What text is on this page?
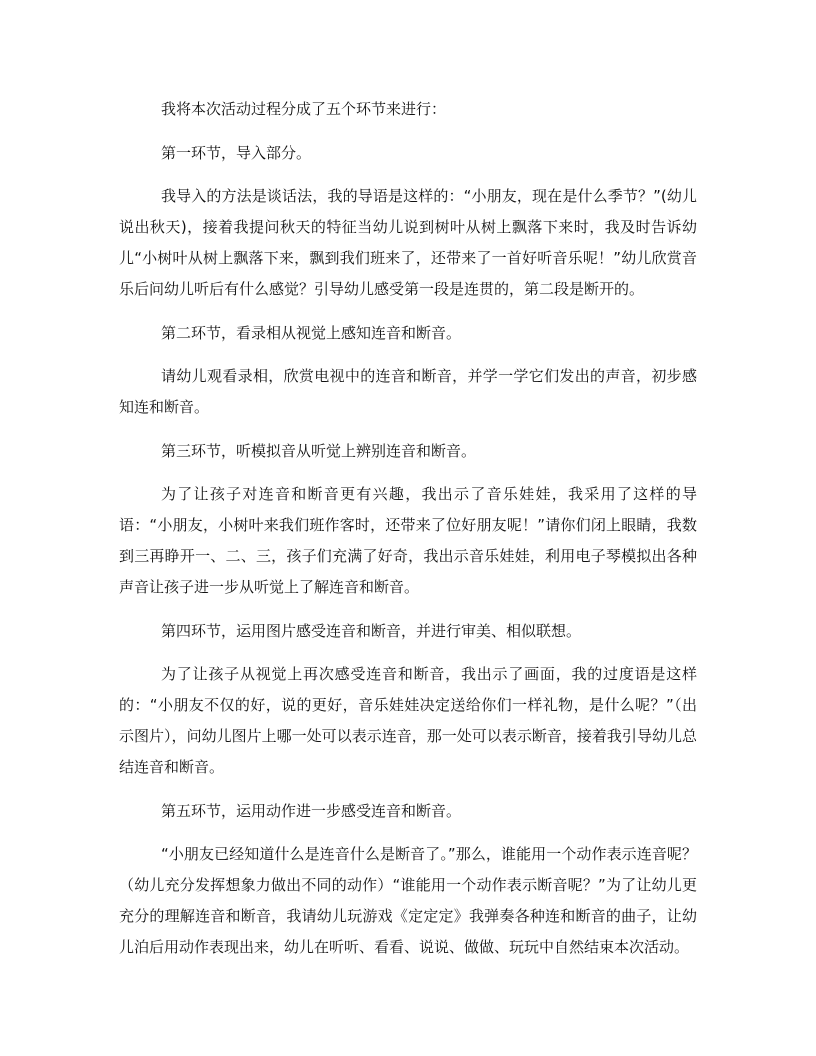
我将本次活动过程分成了五个环节来进行：

第一环节，导入部分。

我导入的方法是谈话法，我的导语是这样的：“小朋友，现在是什么季节？”(幼儿说出秋天)，接着我提问秋天的特征当幼儿说到树叶从树上飘落下来时，我及时告诉幼儿“小树叶从树上飘落下来，飘到我们班来了，还带来了一首好听音乐呢！”幼儿欣赏音乐后问幼儿听后有什么感觉？引导幼儿感受第一段是连贯的，第二段是断开的。

第二环节，看录相从视觉上感知连音和断音。

请幼儿观看录相，欣赏电视中的连音和断音，并学一学它们发出的声音，初步感知连和断音。

第三环节，听模拟音从听觉上辨别连音和断音。

为了让孩子对连音和断音更有兴趣，我出示了音乐娃娃，我采用了这样的导语：“小朋友，小树叶来我们班作客时，还带来了位好朋友呢！”请你们闭上眼睛，我数到三再睁开一、二、三，孩子们充满了好奇，我出示音乐娃娃，利用电子琴模拟出各种声音让孩子进一步从听觉上了解连音和断音。

第四环节，运用图片感受连音和断音，并进行审美、相似联想。

为了让孩子从视觉上再次感受连音和断音，我出示了画面，我的过度语是这样的：“小朋友不仅的好，说的更好，音乐娃娃决定送给你们一样礼物，是什么呢？”（出示图片），问幼儿图片上哪一处可以表示连音，那一处可以表示断音，接着我引导幼儿总结连音和断音。

第五环节，运用动作进一步感受连音和断音。

“小朋友已经知道什么是连音什么是断音了。”那么，谁能用一个动作表示连音呢？（幼儿充分发挥想象力做出不同的动作）“谁能用一个动作表示断音呢？”为了让幼儿更充分的理解连音和断音，我请幼儿玩游戏《定定定》我弹奏各种连和断音的曲子，让幼儿泊后用动作表现出来，幼儿在听听、看看、说说、做做、玩玩中自然结束本次活动。
